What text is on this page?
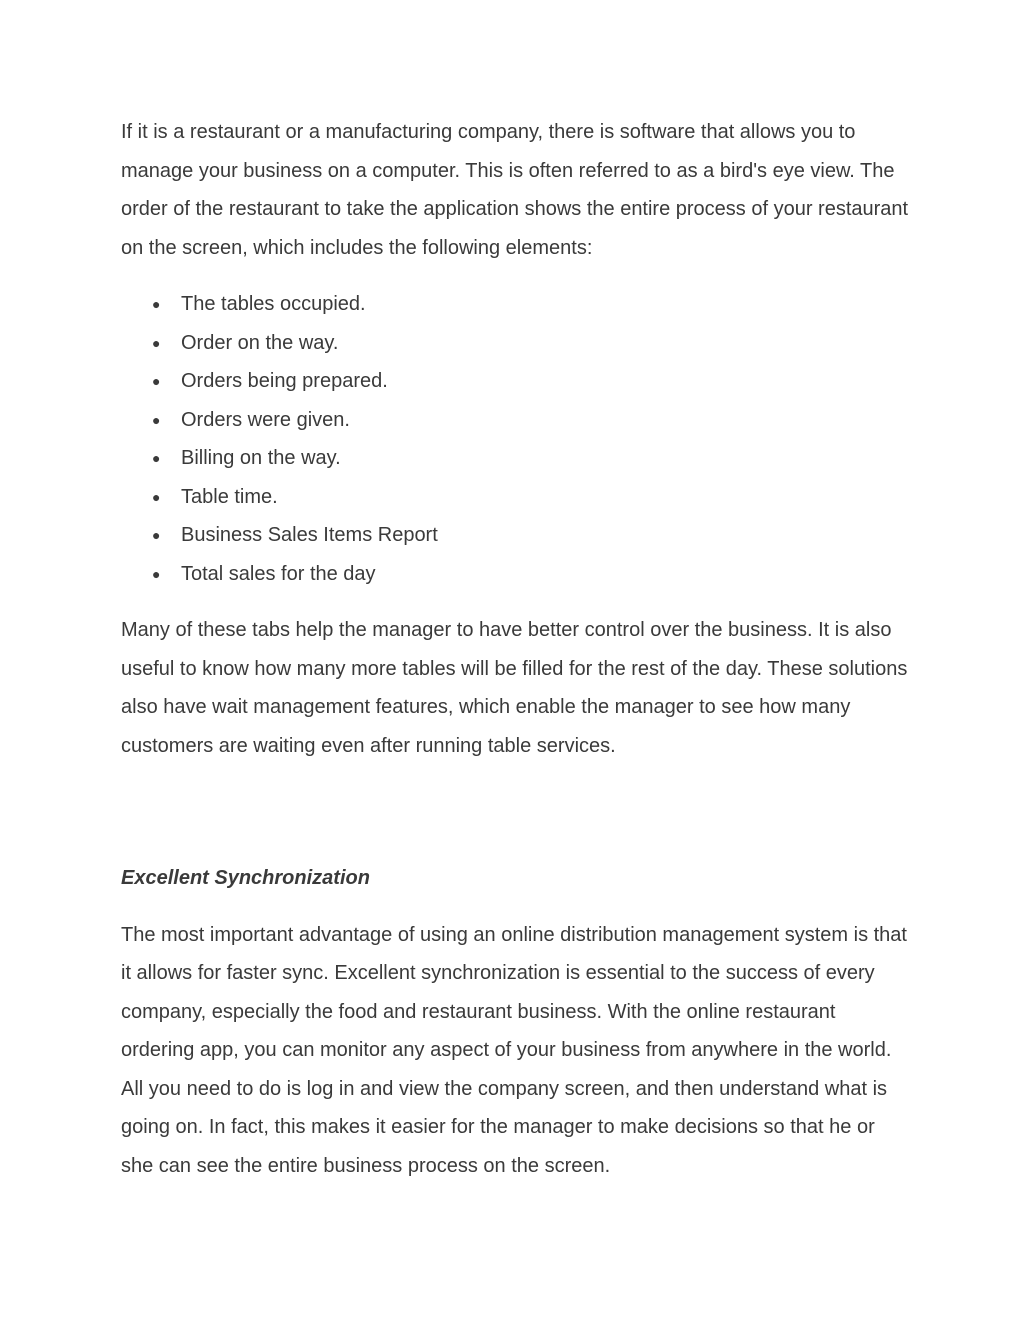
If it is a restaurant or a manufacturing company, there is software that allows you to manage your business on a computer. This is often referred to as a bird's eye view. The order of the restaurant to take the application shows the entire process of your restaurant on the screen, which includes the following elements:

● The tables occupied.
● Order on the way.
● Orders being prepared.
● Orders were given.
● Billing on the way.
● Table time.
● Business Sales Items Report
● Total sales for the day

Many of these tabs help the manager to have better control over the business. It is also useful to know how many more tables will be filled for the rest of the day. These solutions also have wait management features, which enable the manager to see how many customers are waiting even after running table services.

Excellent Synchronization

The most important advantage of using an online distribution management system is that it allows for faster sync. Excellent synchronization is essential to the success of every company, especially the food and restaurant business. With the online restaurant ordering app, you can monitor any aspect of your business from anywhere in the world. All you need to do is log in and view the company screen, and then understand what is going on. In fact, this makes it easier for the manager to make decisions so that he or she can see the entire business process on the screen.
